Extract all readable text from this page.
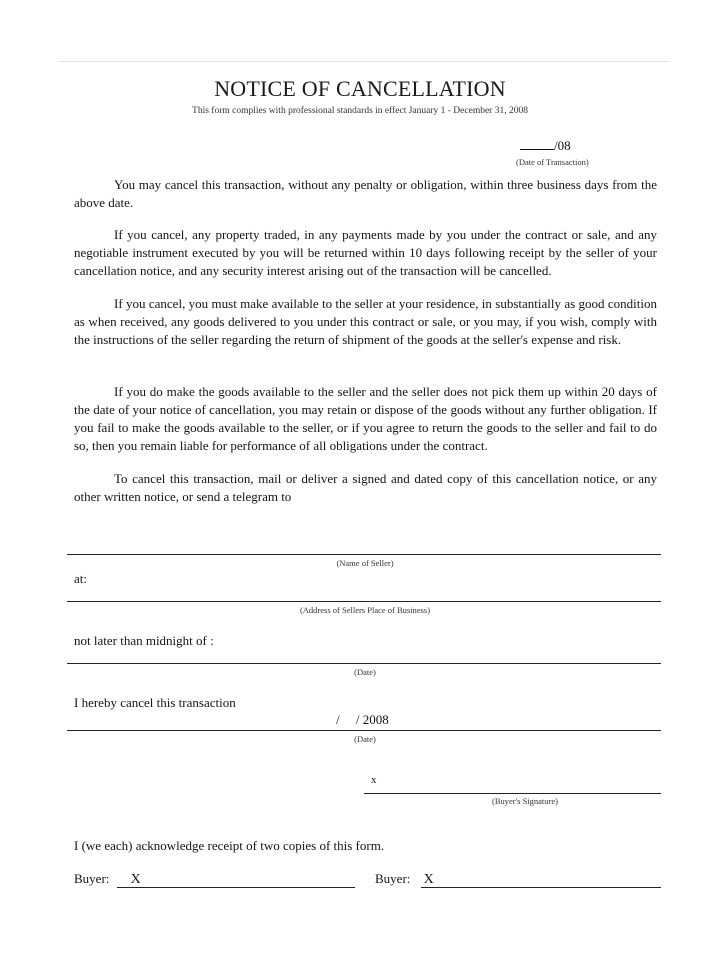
NOTICE OF CANCELLATION
This form complies with professional standards in effect January 1 - December 31, 2008
/08
(Date of Transaction)
You may cancel this transaction, without any penalty or obligation, within three business days from the above date.
If you cancel, any property traded, in any payments made by you under the contract or sale, and any negotiable instrument executed by you will be returned within 10 days following receipt by the seller of your cancellation notice, and any security interest arising out of the transaction will be cancelled.
If you cancel, you must make available to the seller at your residence, in substantially as good condition as when received, any goods delivered to you under this contract or sale, or you may, if you wish, comply with the instructions of the seller regarding the return of shipment of the goods at the seller's expense and risk.
If you do make the goods available to the seller and the seller does not pick them up within 20 days of the date of your notice of cancellation, you may retain or dispose of the goods without any further obligation. If you fail to make the goods available to the seller, or if you agree to return the goods to the seller and fail to do so, then you remain liable for performance of all obligations under the contract.
To cancel this transaction, mail or deliver a signed and dated copy of this cancellation notice, or any other written notice, or send a telegram to
(Name of Seller)
at:
(Address of Sellers Place of Business)
not later than midnight of :
(Date)
I hereby cancel this transaction
/     / 2008
(Date)
x
(Buyer's Signature)
I (we each) acknowledge receipt of two copies of this form.
Buyer: X	Buyer: X
